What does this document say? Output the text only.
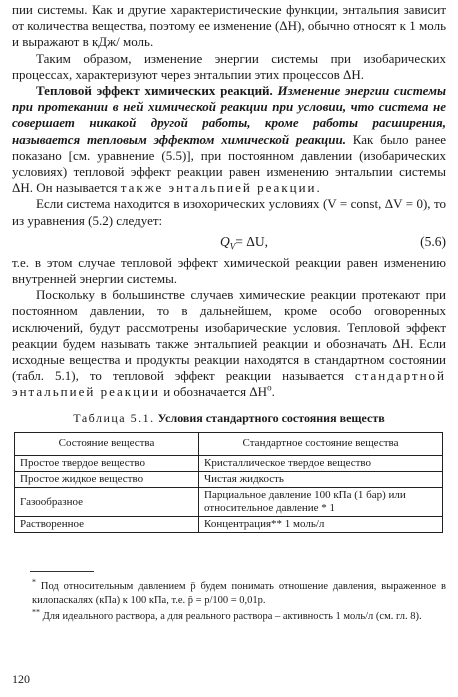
пии системы. Как и другие характеристические функции, энтальпия зависит от количества вещества, поэтому ее изменение (ΔH), обычно относят к 1 моль и выражают в кДж/ моль.

Таким образом, изменение энергии системы при изобарических процессах, характеризуют через энтальпии этих процессов ΔH.

Тепловой эффект химических реакций. Изменение энергии системы при протекании в ней химической реакции при условии, что система не совершает никакой другой работы, кроме работы расширения, называется тепловым эффектом химической реакции. Как было ранее показано [см. уравнение (5.5)], при постоянном давлении (изобарических условиях) тепловой эффект реакции равен изменению энтальпии системы ΔH. Он называется также энтальпией реакции.

Если система находится в изохорических условиях (V = const, ΔV = 0), то из уравнения (5.2) следует:

$Q_V= \Delta U$,	(5.6)

т.е. в этом случае тепловой эффект химической реакции равен изменению внутренней энергии системы.

Поскольку в большинстве случаев химические реакции протекают при постоянном давлении, то в дальнейшем, кроме особо оговоренных исключений, будут рассмотрены изобарические условия. Тепловой эффект реакции будем называть также энтальпией реакции и обозначать ΔH. Если исходные вещества и продукты реакции находятся в стандартном состоянии (табл. 5.1), то тепловой эффект реакции называется стандартной энтальпией реакции и обозначается $\Delta H^o$.

Таблица 5.1. Условия стандартного состояния веществ
Состояние вещества	Стандартное состояние вещества
Простое твердое вещество	Кристаллическое твердое вещество
Простое жидкое вещество	Чистая жидкость
Газообразное	Парциальное давление 100 кПа (1 бар) или относительное давление * 1
Растворенное	Концентрация** 1 моль/л

* Под относительным давлением p̄ будем понимать отношение давления, выраженное в килопаскалях (кПа) к 100 кПа, т.е. p̄ = p/100 = 0,01p.

** Для идеального раствора, а для реального раствора – активность 1 моль/л (см. гл. 8).

120
